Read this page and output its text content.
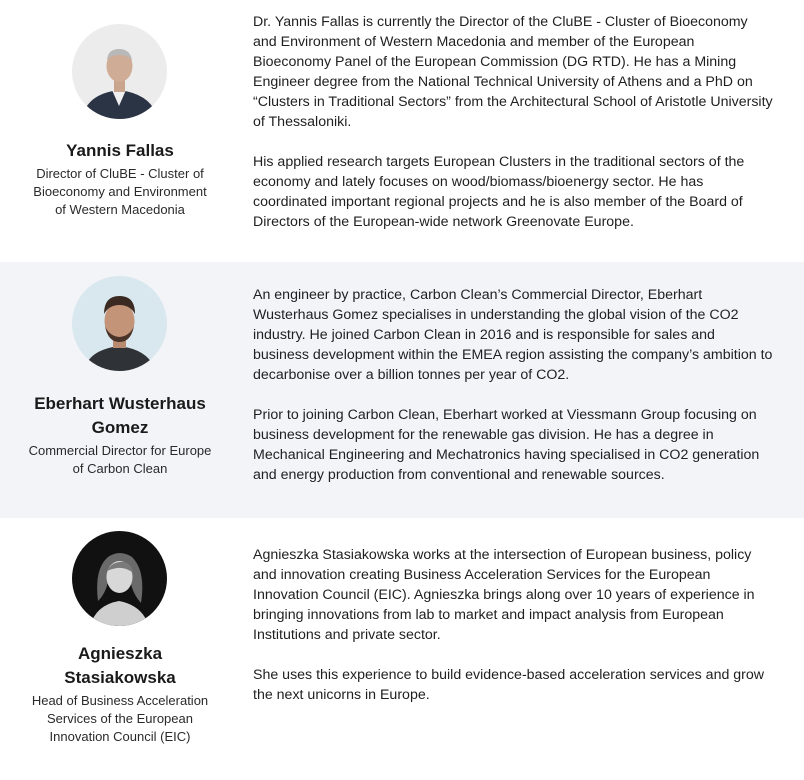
Yannis Fallas
Director of CluBE - Cluster of Bioeconomy and Environment of Western Macedonia

Dr. Yannis Fallas is currently the Director of the CluBE - Cluster of Bioeconomy and Environment of Western Macedonia and member of the European Bioeconomy Panel of the European Commission (DG RTD). He has a Mining Engineer degree from the National Technical University of Athens and a PhD on “Clusters in Traditional Sectors” from the Architectural School of Aristotle University of Thessaloniki.

His applied research targets European Clusters in the traditional sectors of the economy and lately focuses on wood/biomass/bioenergy sector. He has coordinated important regional projects and he is also member of the Board of Directors of the European-wide network Greenovate Europe.

Eberhart Wusterhaus Gomez
Commercial Director for Europe of Carbon Clean

An engineer by practice, Carbon Clean’s Commercial Director, Eberhart Wusterhaus Gomez specialises in understanding the global vision of the CO2 industry. He joined Carbon Clean in 2016 and is responsible for sales and business development within the EMEA region assisting the company’s ambition to decarbonise over a billion tonnes per year of CO2.

Prior to joining Carbon Clean, Eberhart worked at Viessmann Group focusing on business development for the renewable gas division. He has a degree in Mechanical Engineering and Mechatronics having specialised in CO2 generation and energy production from conventional and renewable sources.

Agnieszka Stasiakowska
Head of Business Acceleration Services of the European Innovation Council (EIC)

Agnieszka Stasiakowska works at the intersection of European business, policy and innovation creating Business Acceleration Services for the European Innovation Council (EIC). Agnieszka brings along over 10 years of experience in bringing innovations from lab to market and impact analysis from European Institutions and private sector.

She uses this experience to build evidence-based acceleration services and grow the next unicorns in Europe.
